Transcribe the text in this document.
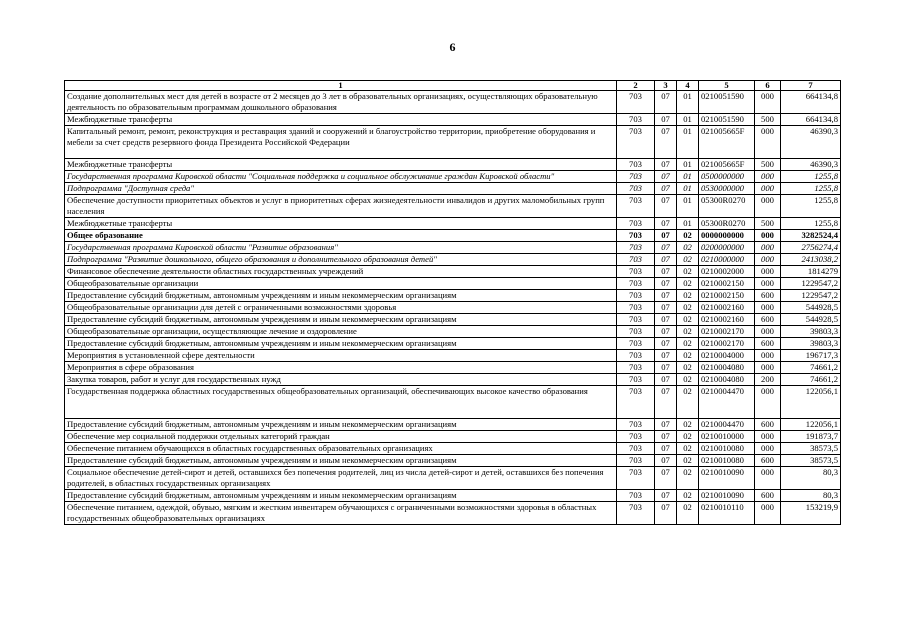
6
1	2	3	4	5	6	7
Создание дополнительных мест для детей в возрасте от 2 месяцев до 3 лет в образовательных организациях, осуществляющих образовательную деятельность по образовательным программам дошкольного образования	703	07	01	0210051590	000	664134,8
Межбюджетные трансферты	703	07	01	0210051590	500	664134,8
Капитальный ремонт, ремонт, реконструкция и реставрация зданий и сооружений и благоустройство территории, приобретение оборудования и мебели за счет средств резервного фонда Президента Российской Федерации	703	07	01	021005665F	000	46390,3
Межбюджетные трансферты	703	07	01	021005665F	500	46390,3
Государственная программа Кировской области "Социальная поддержка и социальное обслуживание граждан Кировской области"	703	07	01	0500000000	000	1255,8
Подпрограмма "Доступная среда"	703	07	01	0530000000	000	1255,8
Обеспечение доступности приоритетных объектов и услуг в приоритетных сферах жизнедеятельности инвалидов и других маломобильных групп населения	703	07	01	05300R0270	000	1255,8
Межбюджетные трансферты	703	07	01	05300R0270	500	1255,8
Общее образование	703	07	02	0000000000	000	3282524,4
Государственная программа Кировской области "Развитие образования"	703	07	02	0200000000	000	2756274,4
Подпрограмма "Развитие дошкольного, общего образования и дополнительного образования детей"	703	07	02	0210000000	000	2413038,2
Финансовое обеспечение деятельности областных государственных учреждений	703	07	02	0210002000	000	1814279
Общеобразовательные организации	703	07	02	0210002150	000	1229547,2
Предоставление субсидий бюджетным, автономным учреждениям и иным некоммерческим организациям	703	07	02	0210002150	600	1229547,2
Общеобразовательные организации для детей с ограниченными возможностями здоровья	703	07	02	0210002160	000	544928,5
Предоставление субсидий бюджетным, автономным учреждениям и иным некоммерческим организациям	703	07	02	0210002160	600	544928,5
Общеобразовательные организации, осуществляющие лечение и оздоровление	703	07	02	0210002170	000	39803,3
Предоставление субсидий бюджетным, автономным учреждениям и иным некоммерческим организациям	703	07	02	0210002170	600	39803,3
Мероприятия в установленной сфере деятельности	703	07	02	0210004000	000	196717,3
Мероприятия в сфере образования	703	07	02	0210004080	000	74661,2
Закупка товаров, работ и услуг для государственных нужд	703	07	02	0210004080	200	74661,2
Государственная поддержка областных государственных общеобразовательных организаций, обеспечивающих высокое качество образования	703	07	02	0210004470	000	122056,1
Предоставление субсидий бюджетным, автономным учреждениям и иным некоммерческим организациям	703	07	02	0210004470	600	122056,1
Обеспечение мер социальной поддержки отдельных категорий граждан	703	07	02	0210010000	000	191873,7
Обеспечение питанием обучающихся в областных государственных образовательных организациях	703	07	02	0210010080	000	38573,5
Предоставление субсидий бюджетным, автономным учреждениям и иным некоммерческим организациям	703	07	02	0210010080	600	38573,5
Социальное обеспечение детей-сирот и детей, оставшихся без попечения родителей, лиц из числа детей-сирот и детей, оставшихся без попечения родителей, в областных государственных организациях	703	07	02	0210010090	000	80,3
Предоставление субсидий бюджетным, автономным учреждениям и иным некоммерческим организациям	703	07	02	0210010090	600	80,3
Обеспечение питанием, одеждой, обувью, мягким и жестким инвентарем обучающихся с ограниченными возможностями здоровья в областных государственных общеобразовательных организациях	703	07	02	0210010110	000	153219,9
